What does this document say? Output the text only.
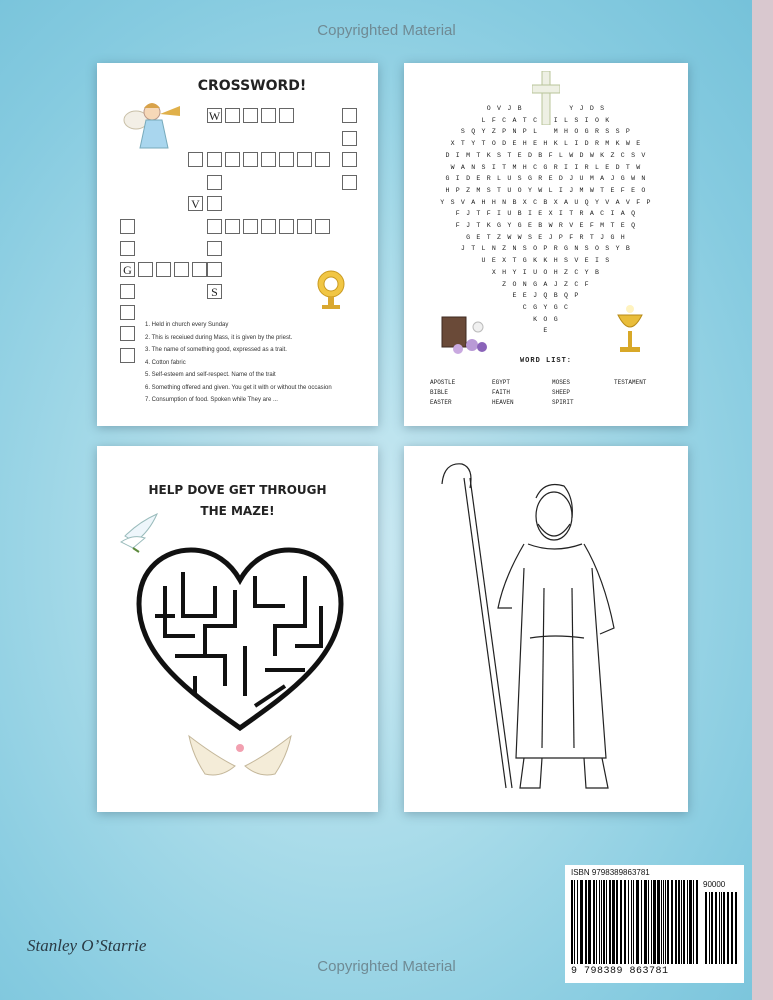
Copyrighted Material
Copyrighted Material
CROSSWORD!
W
V
G
S
1. Held in church every Sunday
2. This is receiued during Mass, it is given by the priest.
3. The name of something good, expressed as a trait.
4. Cotton fabric
5. Self-esteem and self-respect. Name of the trait
6. Something offered and given. You get it with or without the occasion
7. Consumption of food. Spoken while They are ...
O V J B         Y J D S
L F C A T C   I L S I O K
S Q Y Z P N P L   M H O G R S S P
X T Y T O D E H E H K L I D R M K W E
D I M T K S T E D B F L W D W K Z C S V
W A N S I T M H C G R I I R L E D T W
G I D E R L U S G R E D J U M A J G W N
H P Z M S T U O Y W L I J M W T E F E O
Y S V A H H N B X C B X A U Q Y V A V F P
F J T F I U B I E X I T R A C I A Q
F J T K G Y G E B W R V E F M T E Q
G E T Z W W S E J P F R T J G H
J T L N Z N S O P R G N S O S Y B
U E X T G K K H S V E I S
X H Y I U O H Z C Y B
Z O N G A J Z C F
E E J Q B Q P
C G Y G C
K O G
E
WORD LIST:
APOSTLE	EGYPT	MOSES	TESTAMENT
BIBLE	FAITH	SHEEP
EASTER	HEAVEN	SPIRIT
HELP DOVE GET THROUGH
THE MAZE!
Stanley O’Starrie
ISBN 9798389863781
90000
9 798389 863781
